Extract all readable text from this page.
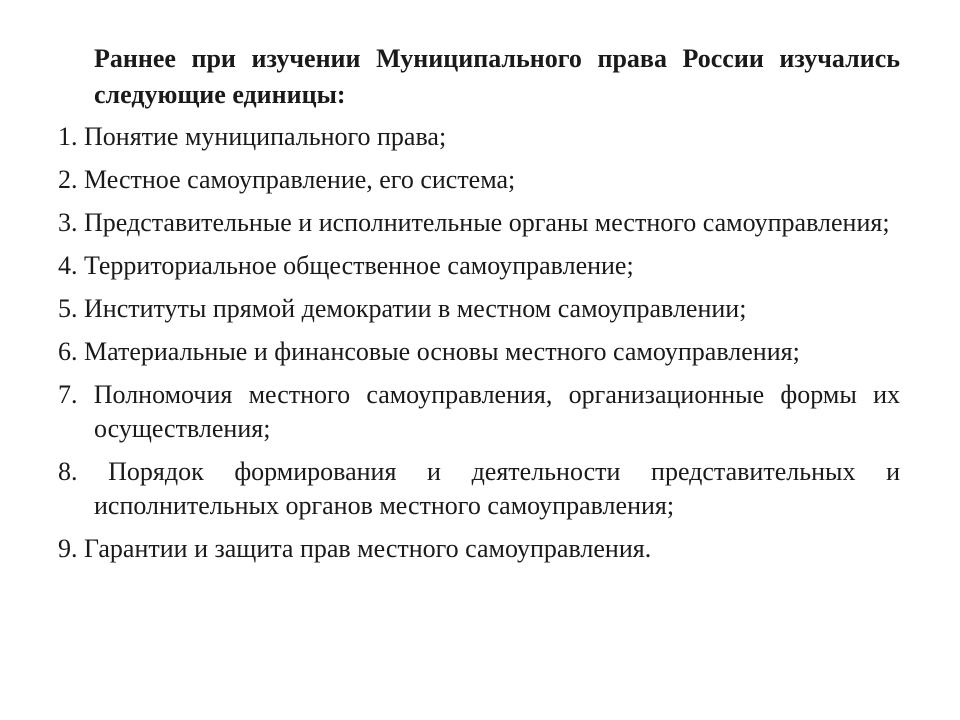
Раннее при изучении Муниципального права России изучались следующие единицы:

1. Понятие муниципального права;
2. Местное самоуправление, его система;
3. Представительные и исполнительные органы местного самоуправления;
4. Территориальное общественное самоуправление;
5. Институты прямой демократии в местном самоуправлении;
6. Материальные и финансовые основы местного самоуправления;
7. Полномочия местного самоуправления, организационные формы их осуществления;
8. Порядок формирования и деятельности представительных и исполнительных органов местного самоуправления;
9. Гарантии и защита прав местного самоуправления.
